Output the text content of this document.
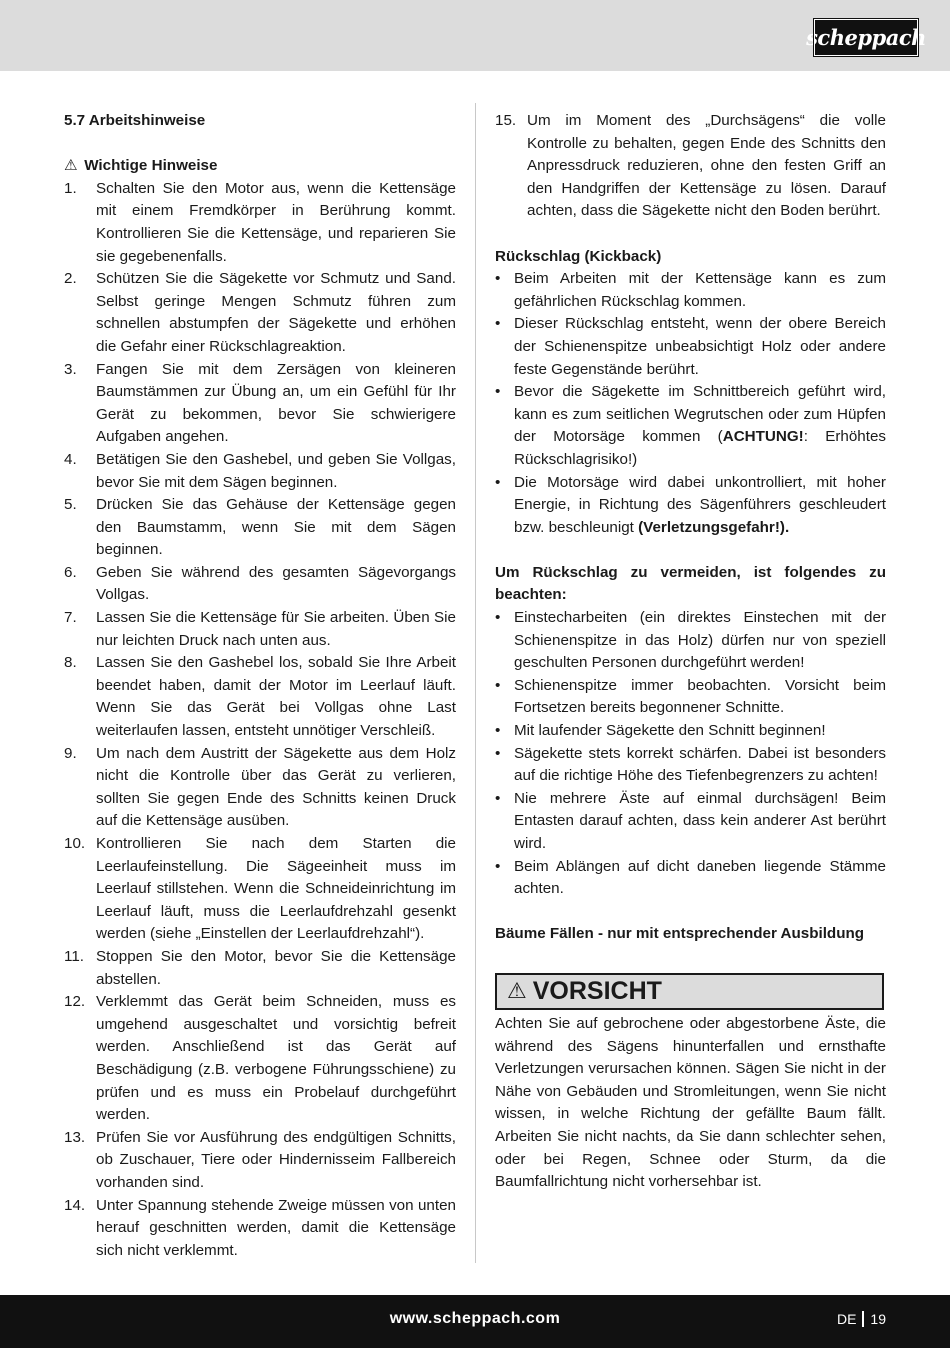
scheppach
5.7 Arbeitshinweise
⚠ Wichtige Hinweise
1. Schalten Sie den Motor aus, wenn die Kettensäge mit einem Fremdkörper in Berührung kommt. Kontrollieren Sie die Kettensäge, und reparieren Sie sie gegebenenfalls.
2. Schützen Sie die Sägekette vor Schmutz und Sand. Selbst geringe Mengen Schmutz führen zum schnellen abstumpfen der Sägekette und erhöhen die Gefahr einer Rückschlagreaktion.
3. Fangen Sie mit dem Zersägen von kleineren Baumstämmen zur Übung an, um ein Gefühl für Ihr Gerät zu bekommen, bevor Sie schwierigere Aufgaben angehen.
4. Betätigen Sie den Gashebel, und geben Sie Vollgas, bevor Sie mit dem Sägen beginnen.
5. Drücken Sie das Gehäuse der Kettensäge gegen den Baumstamm, wenn Sie mit dem Sägen beginnen.
6. Geben Sie während des gesamten Sägevorgangs Vollgas.
7. Lassen Sie die Kettensäge für Sie arbeiten. Üben Sie nur leichten Druck nach unten aus.
8. Lassen Sie den Gashebel los, sobald Sie Ihre Arbeit beendet haben, damit der Motor im Leerlauf läuft. Wenn Sie das Gerät bei Vollgas ohne Last weiterlaufen lassen, entsteht unnötiger Verschleiß.
9. Um nach dem Austritt der Sägekette aus dem Holz nicht die Kontrolle über das Gerät zu verlieren, sollten Sie gegen Ende des Schnitts keinen Druck auf die Kettensäge ausüben.
10. Kontrollieren Sie nach dem Starten die Leerlaufeinstellung. Die Sägeeinheit muss im Leerlauf stillstehen. Wenn die Schneideinrichtung im Leerlauf läuft, muss die Leerlaufdrehzahl gesenkt werden (siehe „Einstellen der Leerlaufdrehzahl“).
11. Stoppen Sie den Motor, bevor Sie die Kettensäge abstellen.
12. Verklemmt das Gerät beim Schneiden, muss es umgehend ausgeschaltet und vorsichtig befreit werden. Anschließend ist das Gerät auf Beschädigung (z.B. verbogene Führungsschiene) zu prüfen und es muss ein Probelauf durchgeführt werden.
13. Prüfen Sie vor Ausführung des endgültigen Schnitts, ob Zuschauer, Tiere oder Hindernisseim Fallbereich vorhanden sind.
14. Unter Spannung stehende Zweige müssen von unten herauf geschnitten werden, damit die Kettensäge sich nicht verklemmt.
15. Um im Moment des „Durchsägens“ die volle Kontrolle zu behalten, gegen Ende des Schnitts den Anpressdruck reduzieren, ohne den festen Griff an den Handgriffen der Kettensäge zu lösen. Darauf achten, dass die Sägekette nicht den Boden berührt.
Rückschlag (Kickback)
• Beim Arbeiten mit der Kettensäge kann es zum gefährlichen Rückschlag kommen.
• Dieser Rückschlag entsteht, wenn der obere Bereich der Schienenspitze unbeabsichtigt Holz oder andere feste Gegenstände berührt.
• Bevor die Sägekette im Schnittbereich geführt wird, kann es zum seitlichen Wegrutschen oder zum Hüpfen der Motorsäge kommen (ACHTUNG!: Erhöhtes Rückschlagrisiko!)
• Die Motorsäge wird dabei unkontrolliert, mit hoher Energie, in Richtung des Sägenführers geschleudert bzw. beschleunigt (Verletzungsgefahr!).
Um Rückschlag zu vermeiden, ist folgendes zu beachten:
• Einstecharbeiten (ein direktes Einstechen mit der Schienenspitze in das Holz) dürfen nur von speziell geschulten Personen durchgeführt werden!
• Schienenspitze immer beobachten. Vorsicht beim Fortsetzen bereits begonnener Schnitte.
• Mit laufender Sägekette den Schnitt beginnen!
• Sägekette stets korrekt schärfen. Dabei ist besonders auf die richtige Höhe des Tiefenbegrenzers zu achten!
• Nie mehrere Äste auf einmal durchsägen! Beim Entasten darauf achten, dass kein anderer Ast berührt wird.
• Beim Ablängen auf dicht daneben liegende Stämme achten.
Bäume Fällen - nur mit entsprechender Ausbildung
⚠ VORSICHT
Achten Sie auf gebrochene oder abgestorbene Äste, die während des Sägens hinunterfallen und ernsthafte Verletzungen verursachen können. Sägen Sie nicht in der Nähe von Gebäuden und Stromleitungen, wenn Sie nicht wissen, in welche Richtung der gefällte Baum fällt. Arbeiten Sie nicht nachts, da Sie dann schlechter sehen, oder bei Regen, Schnee oder Sturm, da die Baumfallrichtung nicht vorhersehbar ist.
www.scheppach.com	DE 19
